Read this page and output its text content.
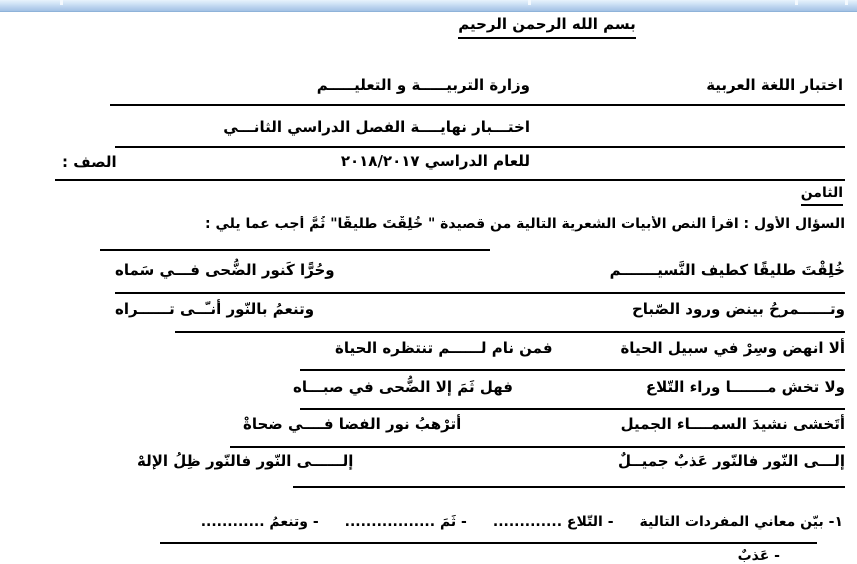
بسم الله الرحمن الرحيم
اختبار اللغة العربية
وزارة التربيـــــة و التعليـــــم
اختـــبار نهايــــة الفصل الدراسي الثانـــي
للعام الدراسي ٢٠١٨/٢٠١٧
الصف :
الثامن
السؤال الأول : اقرأ النص الأبيات الشعرية التالية من قصيدة " خُلِقْتَ طليقًا" ثُمَّ أجب عما يلي :
خُلِقْتَ طليقًا كطيف النَّسيـــــــم
وحُرًّا كَنور الضُّحى فـــي سَماه
وتــــــمرحُ بينض ورود الصّباح
وتنعمُ بالنّور أنـّــى تــــــراه
ألا انهض وسِرْ في سبيل الحياة
فمن نام لــــــم تنتظره الحياة
ولا تخش مـــــــا وراء التّلاع
فهل ثَمَ إلا الضُّحى في صبـــاه
أتَخشى نشيدَ السمــــاء الجميل
أترْهبُ نور الفضا فــــي ضحاةْ
إلـــى النّور فالنّور عَذبٌ جميــلٌ
إلــــــى النّور فالنّور ظِلُ الإلهْ
١- بيّن معاني المفردات التالية
- التّلاع .............
- ثَمَ .................
- وتنعمُ ............
- عَذبٌ
